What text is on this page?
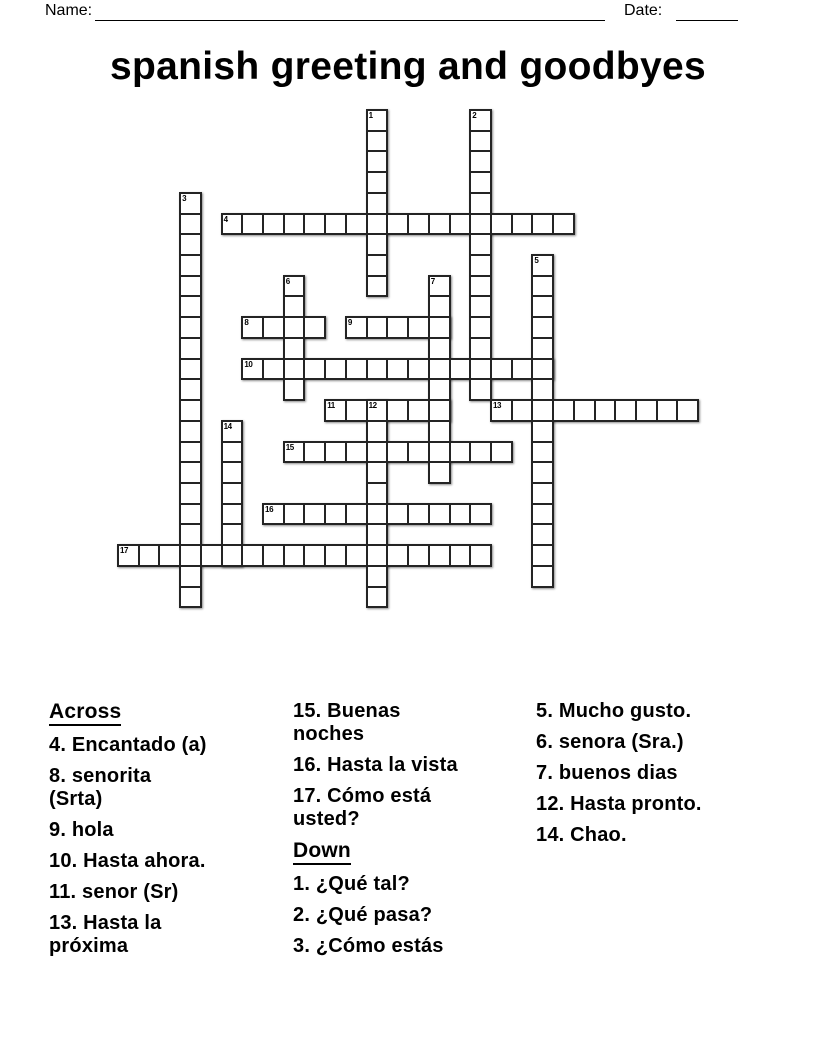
Name:	Date:
spanish greeting and goodbyes
1	2
3
4
5
6	7
8	9
10
11	12	13
14
15
16
17
Across
4. Encantado (a)
8. senorita
(Srta)
9. hola
10. Hasta ahora.
11. senor (Sr)
13. Hasta la
próxima
15. Buenas
noches
16. Hasta la vista
17. Cómo está
usted?
Down
1. ¿Qué tal?
2. ¿Qué pasa?
3. ¿Cómo estás
5. Mucho gusto.
6. senora (Sra.)
7. buenos dias
12. Hasta pronto.
14. Chao.
